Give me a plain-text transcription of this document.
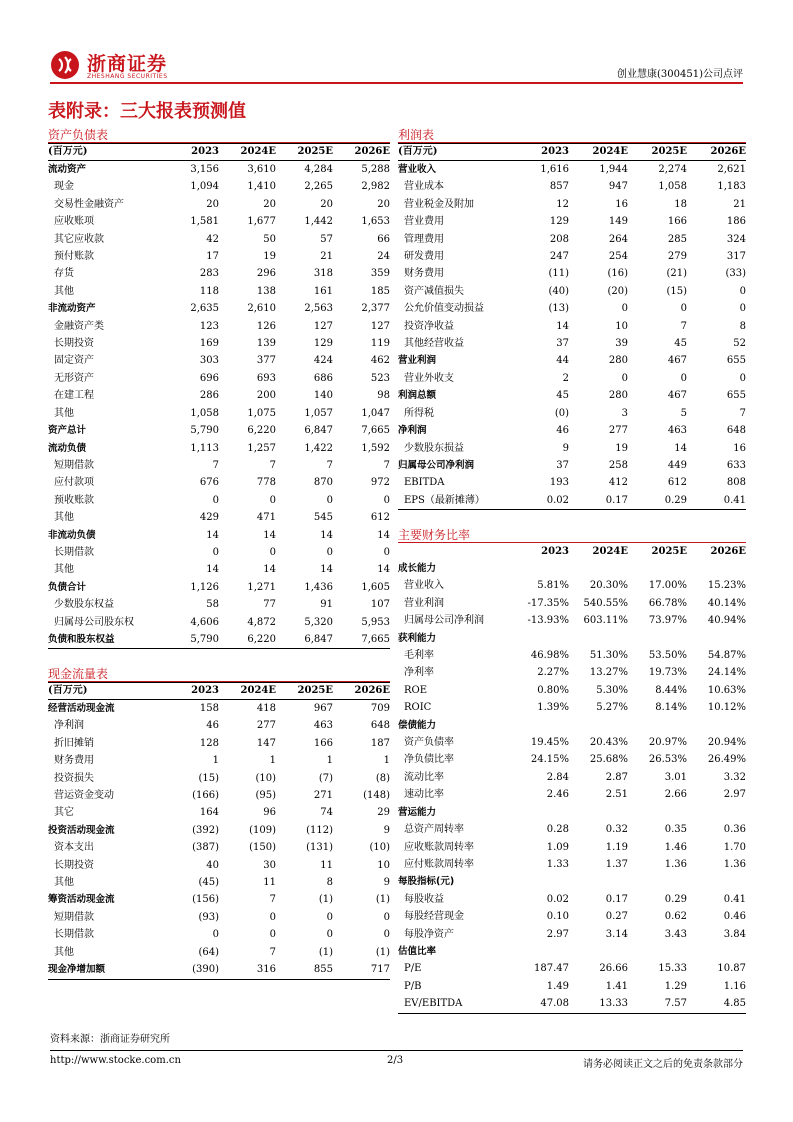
浙商证券
ZHESHANG SECURITIES	创业慧康(300451)公司点评
表附录：三大报表预测值
资产负债表	利润表
现金流量表
主要财务比率
(百万元)	2023	2024E	2025E	2026E
流动资产	3,156	3,610	4,284	5,288
现金	1,094	1,410	2,265	2,982
交易性金融资产	20	20	20	20
应收账项	1,581	1,677	1,442	1,653
其它应收款	42	50	57	66
预付账款	17	19	21	24
存货	283	296	318	359
其他	118	138	161	185
非流动资产	2,635	2,610	2,563	2,377
金融资产类	123	126	127	127
长期投资	169	139	129	119
固定资产	303	377	424	462
无形资产	696	693	686	523
在建工程	286	200	140	98
其他	1,058	1,075	1,057	1,047
资产总计	5,790	6,220	6,847	7,665
流动负债	1,113	1,257	1,422	1,592
短期借款	7	7	7	7
应付款项	676	778	870	972
预收账款	0	0	0	0
其他	429	471	545	612
非流动负债	14	14	14	14
长期借款	0	0	0	0
其他	14	14	14	14
负债合计	1,126	1,271	1,436	1,605
少数股东权益	58	77	91	107
归属母公司股东权	4,606	4,872	5,320	5,953
负债和股东权益	5,790	6,220	6,847	7,665
(百万元)	2023	2024E	2025E	2026E
经营活动现金流	158	418	967	709
净利润	46	277	463	648
折旧摊销	128	147	166	187
财务费用	1	1	1	1
投资损失	(15)	(10)	(7)	(8)
营运资金变动	(166)	(95)	271	(148)
其它	164	96	74	29
投资活动现金流	(392)	(109)	(112)	9
资本支出	(387)	(150)	(131)	(10)
长期投资	40	30	11	10
其他	(45)	11	8	9
筹资活动现金流	(156)	7	(1)	(1)
短期借款	(93)	0	0	0
长期借款	0	0	0	0
其他	(64)	7	(1)	(1)
现金净增加额	(390)	316	855	717
(百万元)	2023	2024E	2025E	2026E
营业收入	1,616	1,944	2,274	2,621
营业成本	857	947	1,058	1,183
营业税金及附加	12	16	18	21
营业费用	129	149	166	186
管理费用	208	264	285	324
研发费用	247	254	279	317
财务费用	(11)	(16)	(21)	(33)
资产减值损失	(40)	(20)	(15)	0
公允价值变动损益	(13)	0	0	0
投资净收益	14	10	7	8
其他经营收益	37	39	45	52
营业利润	44	280	467	655
营业外收支	2	0	0	0
利润总额	45	280	467	655
所得税	(0)	3	5	7
净利润	46	277	463	648
少数股东损益	9	19	14	16
归属母公司净利润	37	258	449	633
EBITDA	193	412	612	808
EPS（最新摊薄）	0.02	0.17	0.29	0.41
	2023	2024E	2025E	2026E
成长能力				
营业收入	5.81%	20.30%	17.00%	15.23%
营业利润	-17.35%	540.55%	66.78%	40.14%
归属母公司净利润	-13.93%	603.11%	73.97%	40.94%
获利能力				
毛利率	46.98%	51.30%	53.50%	54.87%
净利率	2.27%	13.27%	19.73%	24.14%
ROE	0.80%	5.30%	8.44%	10.63%
ROIC	1.39%	5.27%	8.14%	10.12%
偿债能力				
资产负债率	19.45%	20.43%	20.97%	20.94%
净负债比率	24.15%	25.68%	26.53%	26.49%
流动比率	2.84	2.87	3.01	3.32
速动比率	2.46	2.51	2.66	2.97
营运能力				
总资产周转率	0.28	0.32	0.35	0.36
应收账款周转率	1.09	1.19	1.46	1.70
应付账款周转率	1.33	1.37	1.36	1.36
每股指标(元)				
每股收益	0.02	0.17	0.29	0.41
每股经营现金	0.10	0.27	0.62	0.46
每股净资产	2.97	3.14	3.43	3.84
估值比率				
P/E	187.47	26.66	15.33	10.87
P/B	1.49	1.41	1.29	1.16
EV/EBITDA	47.08	13.33	7.57	4.85
资料来源：浙商证券研究所
http://www.stocke.com.cn	2/3	请务必阅读正文之后的免责条款部分
